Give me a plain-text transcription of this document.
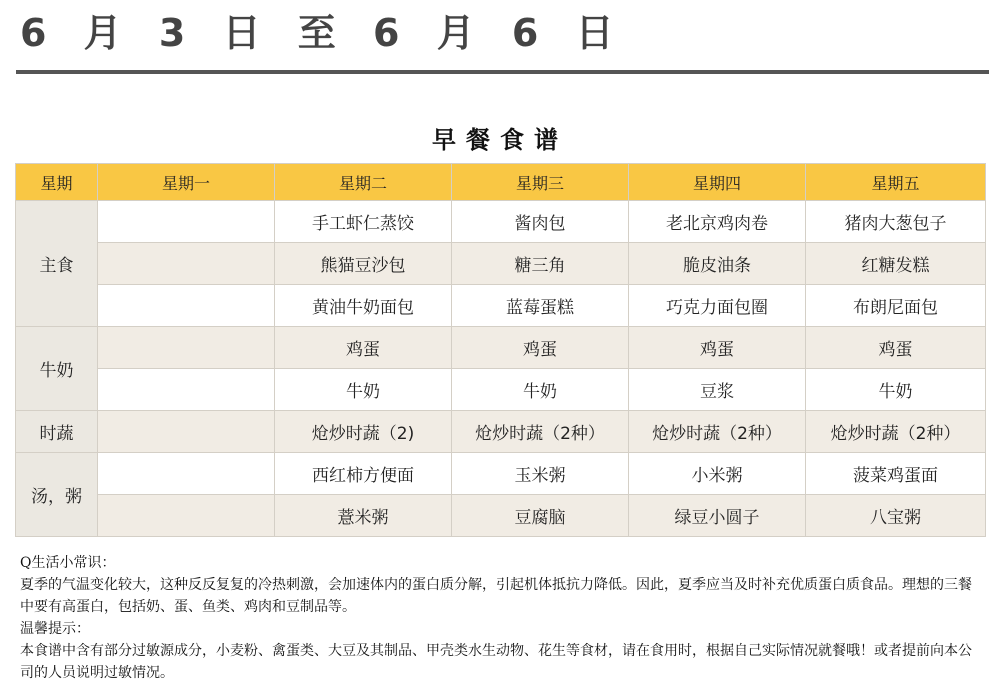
6 月 3 日 至 6 月 6 日
早餐食谱
星期	星期一	星期二	星期三	星期四	星期五
主食		手工虾仁蒸饺	酱肉包	老北京鸡肉卷	猪肉大葱包子
		熊猫豆沙包	糖三角	脆皮油条	红糖发糕
		黄油牛奶面包	蓝莓蛋糕	巧克力面包圈	布朗尼面包
牛奶		鸡蛋	鸡蛋	鸡蛋	鸡蛋
		牛奶	牛奶	豆浆	牛奶
时蔬		炝炒时蔬（2)	炝炒时蔬（2种）	炝炒时蔬（2种）	炝炒时蔬（2种）
汤，粥		西红柿方便面	玉米粥	小米粥	菠菜鸡蛋面
		薏米粥	豆腐脑	绿豆小圆子	八宝粥

Q生活小常识：

夏季的气温变化较大，这种反反复复的冷热刺激，会加速体内的蛋白质分解，引起机体抵抗力降低。因此，夏季应当及时补充优质蛋白质食品。理想的三餐中要有高蛋白，包括奶、蛋、鱼类、鸡肉和豆制品等。

温馨提示：

本食谱中含有部分过敏源成分，小麦粉、禽蛋类、大豆及其制品、甲壳类水生动物、花生等食材，请在食用时，根据自己实际情况就餐哦！或者提前向本公司的人员说明过敏情况。
